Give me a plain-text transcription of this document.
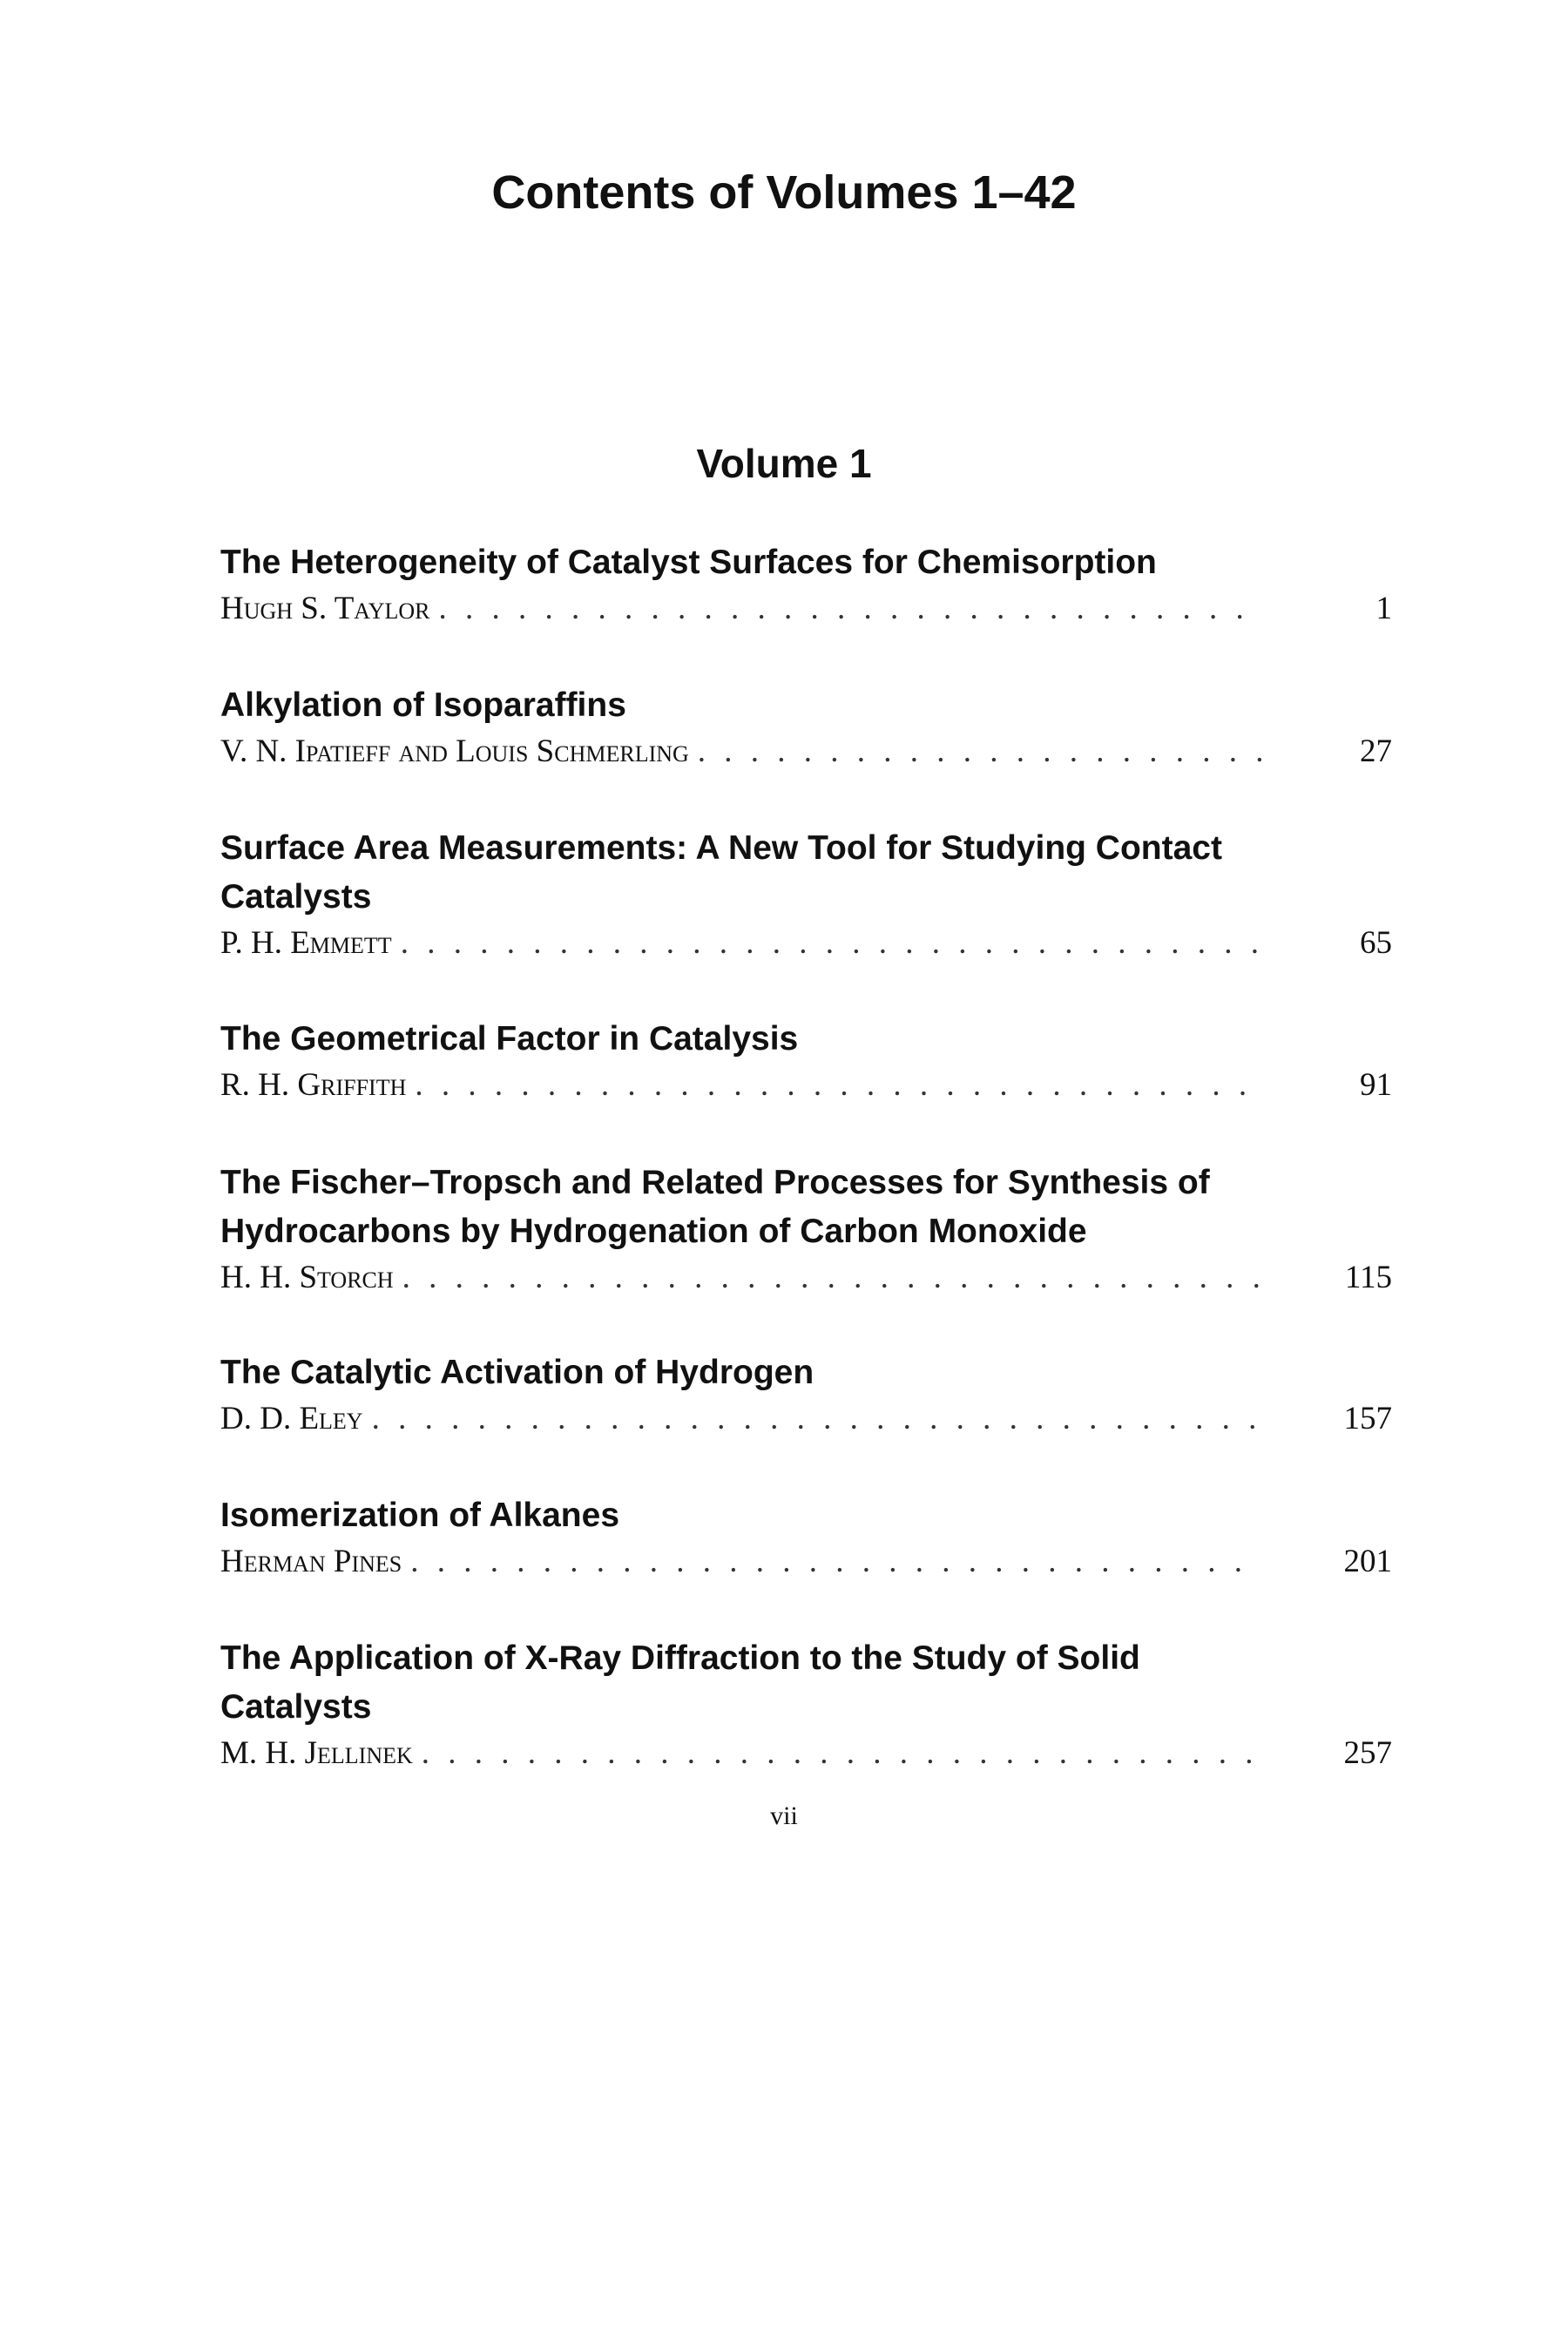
Contents of Volumes 1–42
Volume 1
The Heterogeneity of Catalyst Surfaces for Chemisorption
Hugh S. Taylor . . .	1
Alkylation of Isoparaffins
V. N. Ipatieff and Louis Schmerling . . .	27
Surface Area Measurements: A New Tool for Studying Contact Catalysts
P. H. Emmett . . .	65
The Geometrical Factor in Catalysis
R. H. Griffith . . .	91
The Fischer–Tropsch and Related Processes for Synthesis of Hydrocarbons by Hydrogenation of Carbon Monoxide
H. H. Storch . . .	115
The Catalytic Activation of Hydrogen
D. D. Eley . . .	157
Isomerization of Alkanes
Herman Pines . . .	201
The Application of X-Ray Diffraction to the Study of Solid Catalysts
M. H. Jellinek . . .	257
vii
